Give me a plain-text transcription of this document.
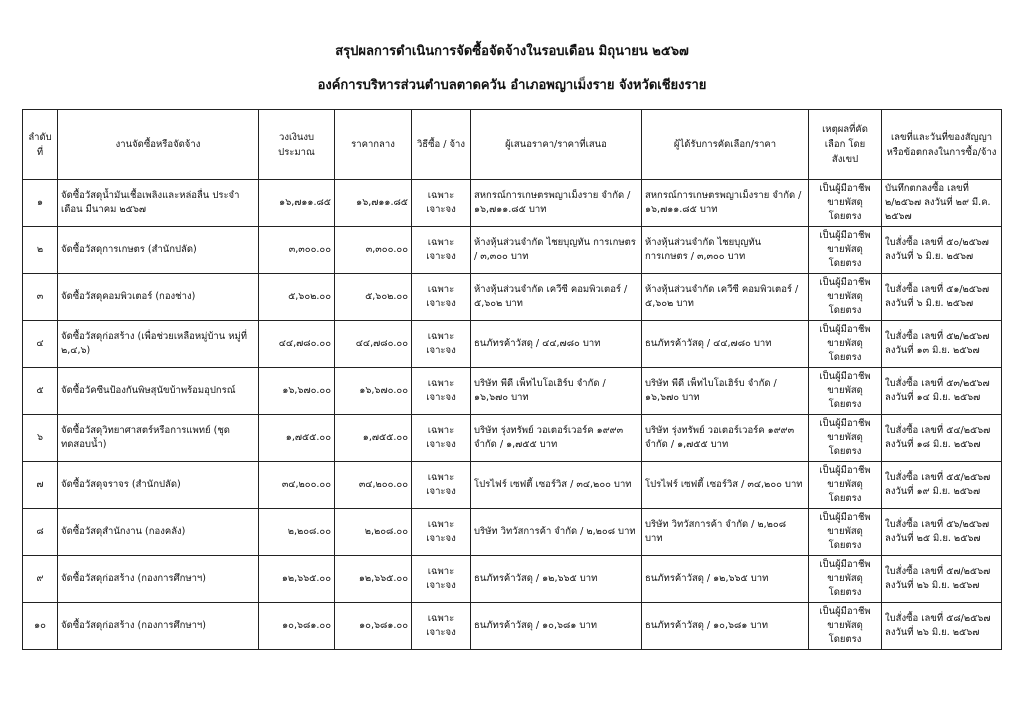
สรุปผลการดำเนินการจัดซื้อจัดจ้างในรอบเดือน มิถุนายน ๒๕๖๗
องค์การบริหารส่วนตำบลตาดควัน อำเภอพญาเม็งราย จังหวัดเชียงราย
ลำดับที่	งานจัดซื้อหรือจัดจ้าง	วงเงินงบประมาณ	ราคากลาง	วิธีซื้อ / จ้าง	ผู้เสนอราคา/ราคาที่เสนอ	ผู้ได้รับการคัดเลือก/ราคา	เหตุผลที่คัดเลือก โดยสังเขป	เลขที่และวันที่ของสัญญา หรือข้อตกลงในการซื้อ/จ้าง
๑	จัดซื้อวัสดุน้ำมันเชื้อเพลิงและหล่อลื่น ประจำเดือน มีนาคม ๒๕๖๗	๑๖,๗๑๑.๘๕	๑๖,๗๑๑.๘๕	เฉพาะเจาะจง	สหกรณ์การเกษตรพญาเม็งราย จำกัด / ๑๖,๗๑๑.๘๕ บาท	สหกรณ์การเกษตรพญาเม็งราย จำกัด / ๑๖,๗๑๑.๘๕ บาท	เป็นผู้มีอาชีพ ขายพัสดุโดยตรง	บันทึกตกลงซื้อ เลขที่ ๒/๒๕๖๗ ลงวันที่ ๒๙ มี.ค. ๒๕๖๗
๒	จัดซื้อวัสดุการเกษตร (สำนักปลัด)	๓,๓๐๐.๐๐	๓,๓๐๐.๐๐	เฉพาะเจาะจง	ห้างหุ้นส่วนจำกัด ไชยบุญทัน การเกษตร / ๓,๓๐๐ บาท	ห้างหุ้นส่วนจำกัด ไชยบุญทัน การเกษตร / ๓,๓๐๐ บาท	เป็นผู้มีอาชีพ ขายพัสดุโดยตรง	ใบสั่งซื้อ เลขที่ ๕๐/๒๕๖๗ ลงวันที่ ๖ มิ.ย. ๒๕๖๗
๓	จัดซื้อวัสดุคอมพิวเตอร์ (กองช่าง)	๕,๖๐๒.๐๐	๕,๖๐๒.๐๐	เฉพาะเจาะจง	ห้างหุ้นส่วนจำกัด เควีซี คอมพิวเตอร์ / ๕,๖๐๒ บาท	ห้างหุ้นส่วนจำกัด เควีซี คอมพิวเตอร์ / ๕,๖๐๒ บาท	เป็นผู้มีอาชีพ ขายพัสดุโดยตรง	ใบสั่งซื้อ เลขที่ ๕๑/๒๕๖๗ ลงวันที่ ๖ มิ.ย. ๒๕๖๗
๔	จัดซื้อวัสดุก่อสร้าง (เพื่อช่วยเหลือหมู่บ้าน หมู่ที่ ๒,๔,๖)	๔๔,๗๘๐.๐๐	๔๔,๗๘๐.๐๐	เฉพาะเจาะจง	ธนภัทรค้าวัสดุ / ๔๔,๗๘๐ บาท	ธนภัทรค้าวัสดุ / ๔๔,๗๘๐ บาท	เป็นผู้มีอาชีพ ขายพัสดุโดยตรง	ใบสั่งซื้อ เลขที่ ๕๒/๒๕๖๗ ลงวันที่ ๑๓ มิ.ย. ๒๕๖๗
๕	จัดซื้อวัคซีนป้องกันพิษสุนัขบ้าพร้อมอุปกรณ์	๑๖,๖๗๐.๐๐	๑๖,๖๗๐.๐๐	เฉพาะเจาะจง	บริษัท พีดี เพ็ทไบโอเฮิร์บ จำกัด / ๑๖,๖๗๐ บาท	บริษัท พีดี เพ็ทไบโอเฮิร์บ จำกัด / ๑๖,๖๗๐ บาท	เป็นผู้มีอาชีพ ขายพัสดุโดยตรง	ใบสั่งซื้อ เลขที่ ๕๓/๒๕๖๗ ลงวันที่ ๑๔ มิ.ย. ๒๕๖๗
๖	จัดซื้อวัสดุวิทยาศาสตร์หรือการแพทย์ (ชุดทดสอบน้ำ)	๑,๗๕๕.๐๐	๑,๗๕๕.๐๐	เฉพาะเจาะจง	บริษัท รุ่งทรัพย์ วอเตอร์เวอร์ค ๑๙๙๓ จำกัด / ๑,๗๕๕ บาท	บริษัท รุ่งทรัพย์ วอเตอร์เวอร์ค ๑๙๙๓ จำกัด / ๑,๗๕๕ บาท	เป็นผู้มีอาชีพ ขายพัสดุโดยตรง	ใบสั่งซื้อ เลขที่ ๕๔/๒๕๖๗ ลงวันที่ ๑๘ มิ.ย. ๒๕๖๗
๗	จัดซื้อวัสดุจราจร (สำนักปลัด)	๓๔,๒๐๐.๐๐	๓๔,๒๐๐.๐๐	เฉพาะเจาะจง	โปรไฟร์ เซฟตี้ เซอร์วิส / ๓๔,๒๐๐ บาท	โปรไฟร์ เซฟตี้ เซอร์วิส / ๓๔,๒๐๐ บาท	เป็นผู้มีอาชีพ ขายพัสดุโดยตรง	ใบสั่งซื้อ เลขที่ ๕๕/๒๕๖๗ ลงวันที่ ๑๙ มิ.ย. ๒๕๖๗
๘	จัดซื้อวัสดุสำนักงาน (กองคลัง)	๒,๒๐๘.๐๐	๒,๒๐๘.๐๐	เฉพาะเจาะจง	บริษัท วิทวัสการค้า จำกัด / ๒,๒๐๘ บาท	บริษัท วิทวัสการค้า จำกัด / ๒,๒๐๘ บาท	เป็นผู้มีอาชีพ ขายพัสดุโดยตรง	ใบสั่งซื้อ เลขที่ ๕๖/๒๕๖๗ ลงวันที่ ๒๕ มิ.ย. ๒๕๖๗
๙	จัดซื้อวัสดุก่อสร้าง (กองการศึกษาฯ)	๑๒,๖๖๕.๐๐	๑๒,๖๖๕.๐๐	เฉพาะเจาะจง	ธนภัทรค้าวัสดุ / ๑๒,๖๖๕ บาท	ธนภัทรค้าวัสดุ / ๑๒,๖๖๕ บาท	เป็นผู้มีอาชีพ ขายพัสดุโดยตรง	ใบสั่งซื้อ เลขที่ ๕๗/๒๕๖๗ ลงวันที่ ๒๖ มิ.ย. ๒๕๖๗
๑๐	จัดซื้อวัสดุก่อสร้าง (กองการศึกษาฯ)	๑๐,๖๘๑.๐๐	๑๐,๖๘๑.๐๐	เฉพาะเจาะจง	ธนภัทรค้าวัสดุ / ๑๐,๖๘๑ บาท	ธนภัทรค้าวัสดุ / ๑๐,๖๘๑ บาท	เป็นผู้มีอาชีพ ขายพัสดุโดยตรง	ใบสั่งซื้อ เลขที่ ๕๘/๒๕๖๗ ลงวันที่ ๒๖ มิ.ย. ๒๕๖๗
